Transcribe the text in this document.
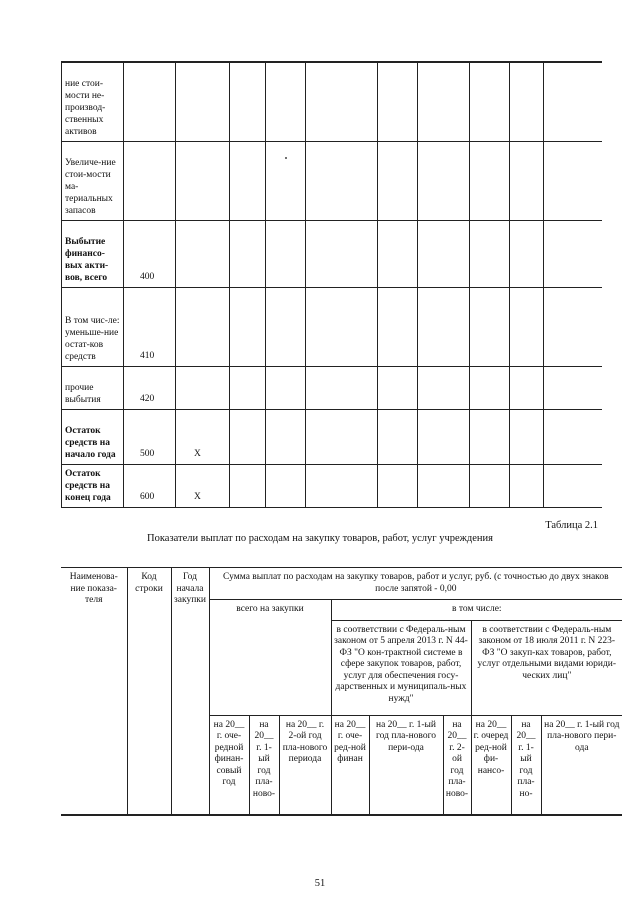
ние стои-мости не-производ-ственных активов										
Увеличе-ние стои-мости ма-териальных запасов										
Выбытие финансо-вых акти-вов, всего	400									
В том чис-ле: уменьше-ние остат-ков средств	410									
прочие выбытия	420									
Остаток средств на начало года	500	X								
Остаток средств на конец года	600	X								
Таблица 2.1
Показатели выплат по расходам на закупку товаров, работ, услуг учреждения
Наименова-ние показа-теля	Код строки	Год начала закупки	Сумма выплат по расходам на закупку товаров, работ и услуг, руб. (с точностью до двух знаков после запятой - 0,00								
			всего на закупки			в том числе:					
						в соответствии с Федераль-ным законом от 5 апреля 2013 г. N 44-ФЗ "О кон-трактной системе в сфере закупок товаров, работ, услуг для обеспечения госу-дарственных и муниципаль-ных нужд"			в соответствии с Федераль-ным законом от 18 июля 2011 г. N 223-ФЗ "О закуп-ках товаров, работ, услуг отдельными видами юриди-ческих лиц"		
			на 20__ г. оче-редной финан-совый год	на 20__ г. 1-ый год пла-ново-	на 20__ г. 2-ой год пла-нового периода	на 20__ г. оче-ред-ной финан	на 20__ г. 1-ый год пла-нового пери-ода	на 20__ г. 2-ой год пла-ново-	на 20__ г. очеред ред-ной фи-нансо-	на 20__ г. 1-ый год пла-но-	на 20__ г. 1-ый год пла-нового пери-ода
51
